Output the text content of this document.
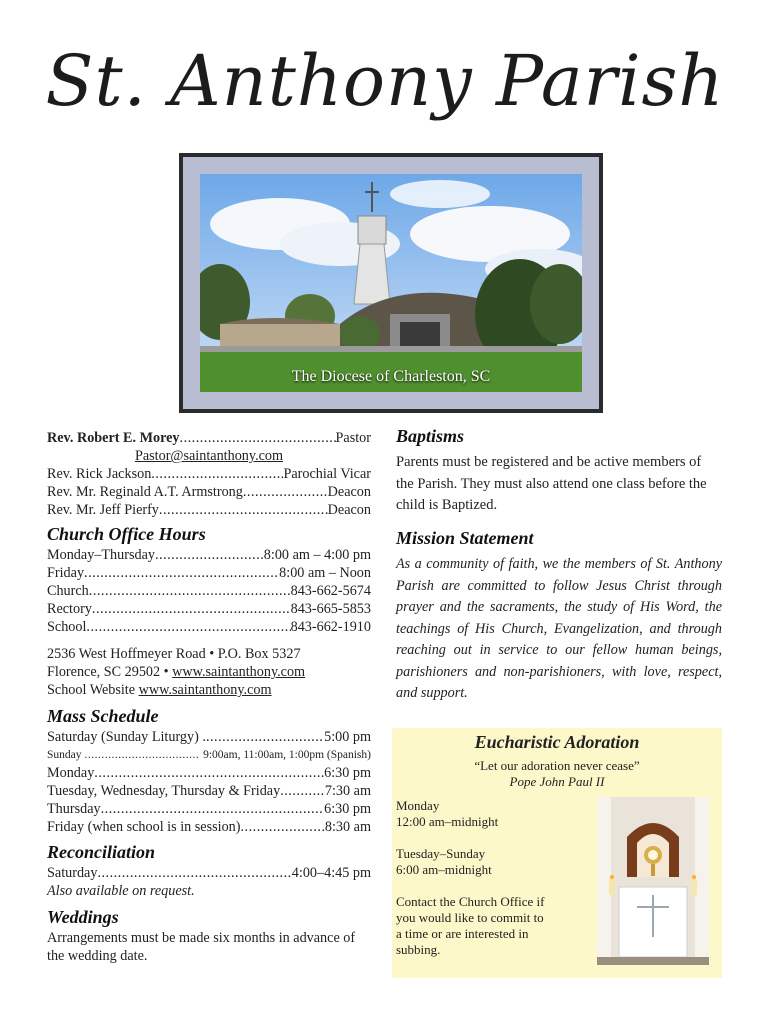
St. Anthony Parish
The Diocese of Charleston, SC
Rev. Robert E. Morey .....	Pastor
Pastor@saintanthony.com
Rev. Rick Jackson .....	Parochial Vicar
Rev. Mr. Reginald A.T. Armstrong .....	Deacon
Rev. Mr. Jeff Pierfy .....	Deacon
Church Office Hours
Monday–Thursday .....	8:00 am – 4:00 pm
Friday .....	8:00 am – Noon
Church .....	843-662-5674
Rectory .....	843-665-5853
School .....	843-662-1910
2536 West Hoffmeyer Road • P.O. Box 5327
Florence, SC 29502 • www.saintanthony.com
School Website www.saintanthony.com
Mass Schedule
Saturday (Sunday Liturgy) . .....	5:00 pm
Sunday .....	9:00am, 11:00am, 1:00pm (Spanish)
Monday .....	6:30 pm
Tuesday, Wednesday, Thursday & Friday .....	7:30 am
Thursday .....	6:30 pm
Friday (when school is in session) .....	8:30 am
Reconciliation
Saturday .....	4:00–4:45 pm
Also available on request.
Weddings
Arrangements must be made six months in advance of the wedding date.
Baptisms
Parents must be registered and be active members of the Parish. They must also attend one class before the child is Baptized.
Mission Statement
As a community of faith, we the members of St. Anthony Parish are committed to follow Jesus Christ through prayer and the sacraments, the study of His Word, the teachings of His Church, Evangelization, and through reaching out in service to our fellow human beings, parishioners and non-parishioners, with love, respect, and support.
Eucharistic Adoration
“Let our adoration never cease”
Pope John Paul II
Monday
12:00 am–midnight
Tuesday–Sunday
6:00 am–midnight
Contact the Church Office if you would like to commit to a time or are interested in subbing.
